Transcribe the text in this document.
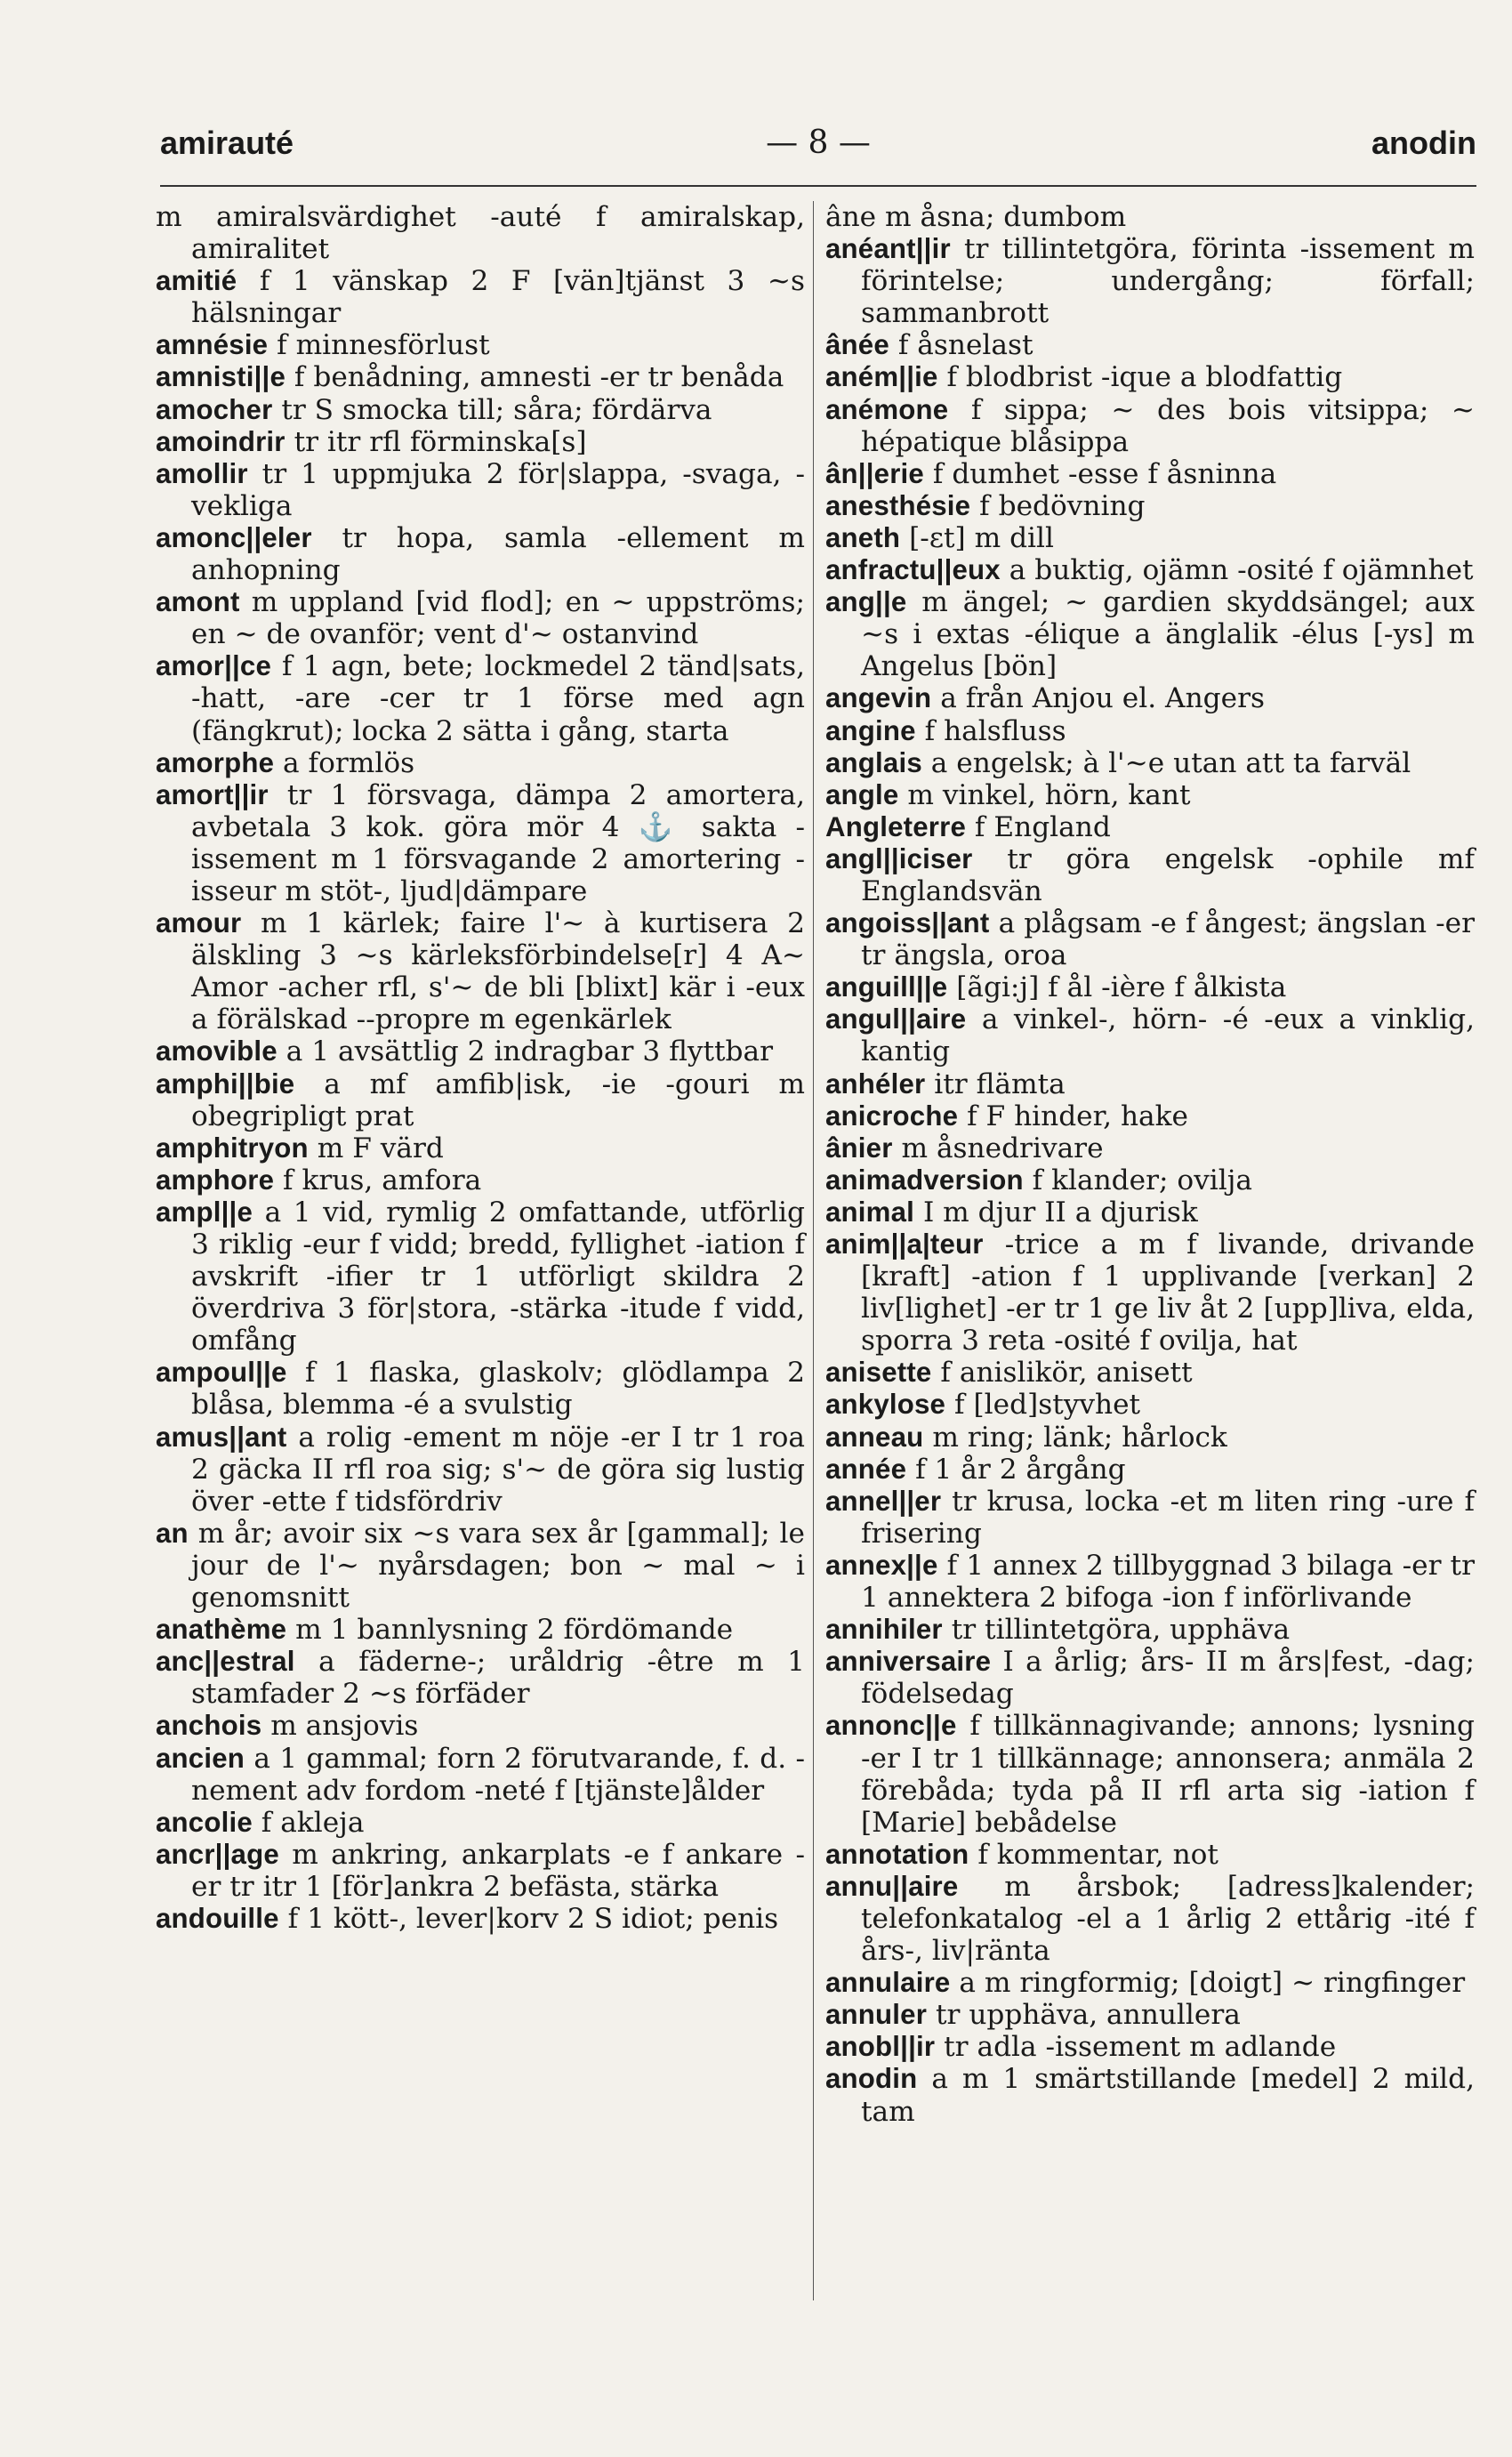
amirauté	— 8 —	anodin

m amiralsvärdighet -auté f amiralskap, amiralitet

amitié f 1 vänskap 2 F [vän]tjänst 3 ~s hälsningar

amnésie f minnesförlust

amnisti||e f benådning, amnesti -er tr benåda

amocher tr S smocka till; såra; fördärva

amoindrir tr itr rfl förminska[s]

amollir tr 1 uppmjuka 2 för|slappa, -svaga, -vekliga

amonc||eler tr hopa, samla -ellement m anhopning

amont m uppland [vid flod]; en ~ uppströms; en ~ de ovanför; vent d'~ ostanvind

amor||ce f 1 agn, bete; lockmedel 2 tänd|sats, -hatt, -are -cer tr 1 förse med agn (fängkrut); locka 2 sätta i gång, starta

amorphe a formlös

amort||ir tr 1 försvaga, dämpa 2 amortera, avbetala 3 kok. göra mör 4 ⚓ sakta -issement m 1 försvagande 2 amortering -isseur m stöt-, ljud|dämpare

amour m 1 kärlek; faire l'~ à kurtisera 2 älskling 3 ~s kärleksförbindelse[r] 4 A~ Amor -acher rfl, s'~ de bli [blixt] kär i -eux a förälskad --propre m egenkärlek

amovible a 1 avsättlig 2 indragbar 3 flyttbar

amphi||bie a mf amfib|isk, -ie -gouri m obegripligt prat

amphitryon m F värd

amphore f krus, amfora

ampl||e a 1 vid, rymlig 2 omfattande, utförlig 3 riklig -eur f vidd; bredd, fyllighet -iation f avskrift -ifier tr 1 utförligt skildra 2 överdriva 3 för|stora, -stärka -itude f vidd, omfång

ampoul||e f 1 flaska, glaskolv; glödlampa 2 blåsa, blemma -é a svulstig

amus||ant a rolig -ement m nöje -er I tr 1 roa 2 gäcka II rfl roa sig; s'~ de göra sig lustig över -ette f tidsfördriv

an m år; avoir six ~s vara sex år [gammal]; le jour de l'~ nyårsdagen; bon ~ mal ~ i genomsnitt

anathème m 1 bannlysning 2 fördömande

anc||estral a fäderne-; uråldrig -être m 1 stamfader 2 ~s förfäder

anchois m ansjovis

ancien a 1 gammal; forn 2 förutvarande, f. d. -nement adv fordom -neté f [tjänste]ålder

ancolie f akleja

ancr||age m ankring, ankarplats -e f ankare -er tr itr 1 [för]ankra 2 befästa, stärka

andouille f 1 kött-, lever|korv 2 S idiot; penis

âne m åsna; dumbom

anéant||ir tr tillintetgöra, förinta -issement m förintelse; undergång; förfall; sammanbrott

ânée f åsnelast

aném||ie f blodbrist -ique a blodfattig

anémone f sippa; ~ des bois vitsippa; ~ hépatique blåsippa

ân||erie f dumhet -esse f åsninna

anesthésie f bedövning

aneth [-ɛt] m dill

anfractu||eux a buktig, ojämn -osité f ojämnhet

ang||e m ängel; ~ gardien skyddsängel; aux ~s i extas -élique a änglalik -élus [-ys] m Angelus [bön]

angevin a från Anjou el. Angers

angine f halsfluss

anglais a engelsk; à l'~e utan att ta farväl

angle m vinkel, hörn, kant

Angleterre f England

angl||iciser tr göra engelsk -ophile mf Englandsvän

angoiss||ant a plågsam -e f ångest; ängslan -er tr ängsla, oroa

anguill||e [ãgi:j] f ål -ière f ålkista

angul||aire a vinkel-, hörn- -é -eux a vinklig, kantig

anhéler itr flämta

anicroche f F hinder, hake

ânier m åsnedrivare

animadversion f klander; ovilja

animal I m djur II a djurisk

anim||a|teur -trice a m f livande, drivande [kraft] -ation f 1 upplivande [verkan] 2 liv[lighet] -er tr 1 ge liv åt 2 [upp]liva, elda, sporra 3 reta -osité f ovilja, hat

anisette f anislikör, anisett

ankylose f [led]styvhet

anneau m ring; länk; hårlock

année f 1 år 2 årgång

annel||er tr krusa, locka -et m liten ring -ure f frisering

annex||e f 1 annex 2 tillbyggnad 3 bilaga -er tr 1 annektera 2 bifoga -ion f införlivande

annihiler tr tillintetgöra, upphäva

anniversaire I a årlig; års- II m års|fest, -dag; födelsedag

annonc||e f tillkännagivande; annons; lysning -er I tr 1 tillkännage; annonsera; anmäla 2 förebåda; tyda på II rfl arta sig -iation f [Marie] bebådelse

annotation f kommentar, not

annu||aire m årsbok; [adress]kalender; telefonkatalog -el a 1 årlig 2 ettårig -ité f års-, liv|ränta

annulaire a m ringformig; [doigt] ~ ringfinger

annuler tr upphäva, annullera

anobl||ir tr adla -issement m adlande

anodin a m 1 smärtstillande [medel] 2 mild, tam
